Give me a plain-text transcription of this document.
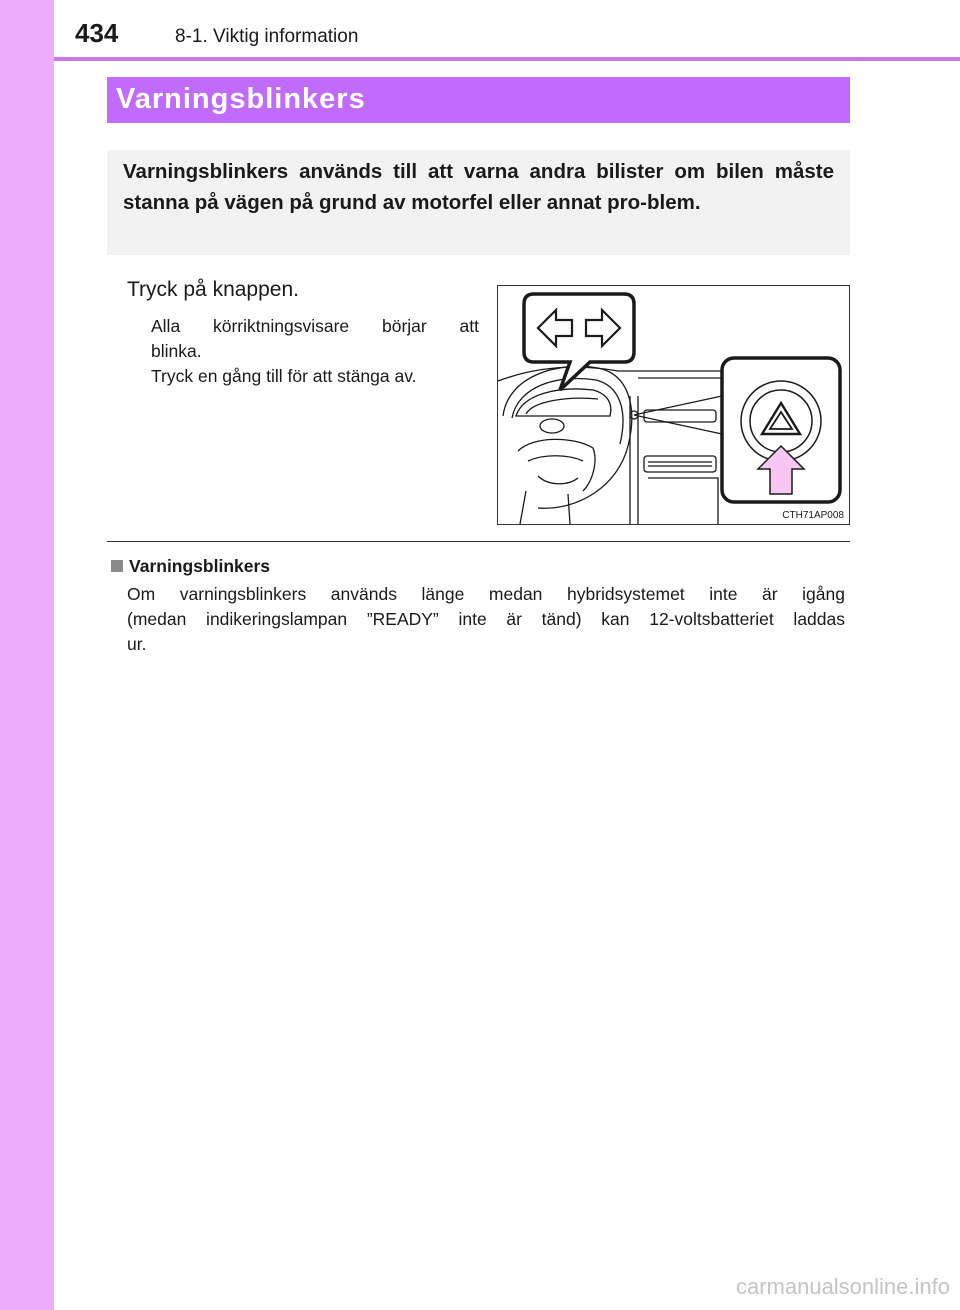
434	8-1. Viktig information
Varningsblinkers

Varningsblinkers används till att varna andra bilister om bilen måste stanna på vägen på grund av motorfel eller annat pro-blem.

Tryck på knappen.
Alla körriktningsvisare börjar att
blinka.
Tryck en gång till för att stänga av.
CTH71AP008
Varningsblinkers
Om varningsblinkers används länge medan hybridsystemet inte är igång
(medan indikeringslampan ”READY” inte är tänd) kan 12-voltsbatteriet laddas
ur.
carmanualsonline.info
